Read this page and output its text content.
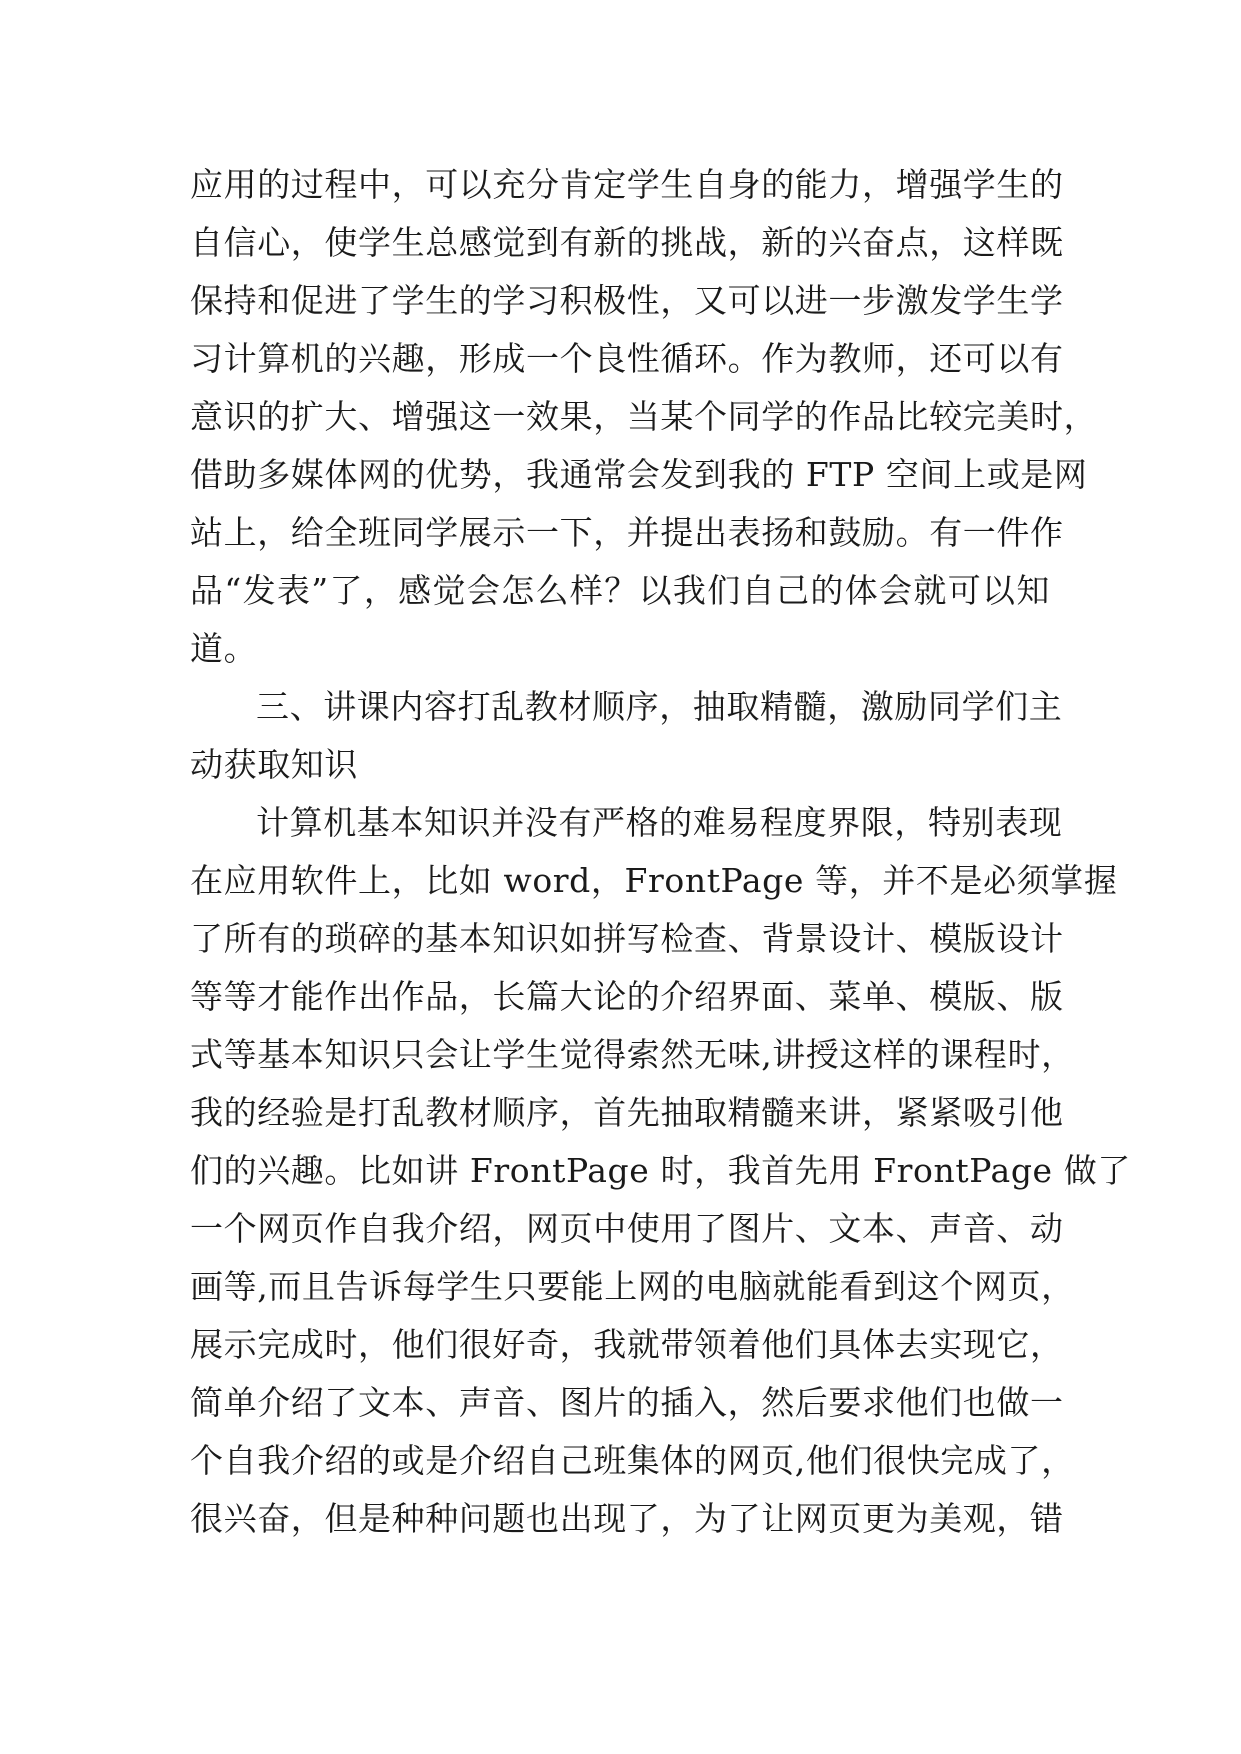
应用的过程中，可以充分肯定学生自身的能力，增强学生的
自信心，使学生总感觉到有新的挑战，新的兴奋点，这样既
保持和促进了学生的学习积极性，又可以进一步激发学生学
习计算机的兴趣，形成一个良性循环。作为教师，还可以有
意识的扩大、增强这一效果，当某个同学的作品比较完美时，
借助多媒体网的优势，我通常会发到我的 FTP 空间上或是网
站上，给全班同学展示一下，并提出表扬和鼓励。有一件作
品“发表”了，感觉会怎么样？以我们自己的体会就可以知
道。
三、讲课内容打乱教材顺序，抽取精髓，激励同学们主
动获取知识
计算机基本知识并没有严格的难易程度界限，特别表现
在应用软件上，比如 word，FrontPage 等，并不是必须掌握
了所有的琐碎的基本知识如拼写检查、背景设计、模版设计
等等才能作出作品，长篇大论的介绍界面、菜单、模版、版
式等基本知识只会让学生觉得索然无味,讲授这样的课程时，
我的经验是打乱教材顺序，首先抽取精髓来讲，紧紧吸引他
们的兴趣。比如讲 FrontPage 时，我首先用 FrontPage 做了
一个网页作自我介绍，网页中使用了图片、文本、声音、动
画等,而且告诉每学生只要能上网的电脑就能看到这个网页，
展示完成时，他们很好奇，我就带领着他们具体去实现它，
简单介绍了文本、声音、图片的插入，然后要求他们也做一
个自我介绍的或是介绍自己班集体的网页,他们很快完成了，
很兴奋，但是种种问题也出现了，为了让网页更为美观，错
